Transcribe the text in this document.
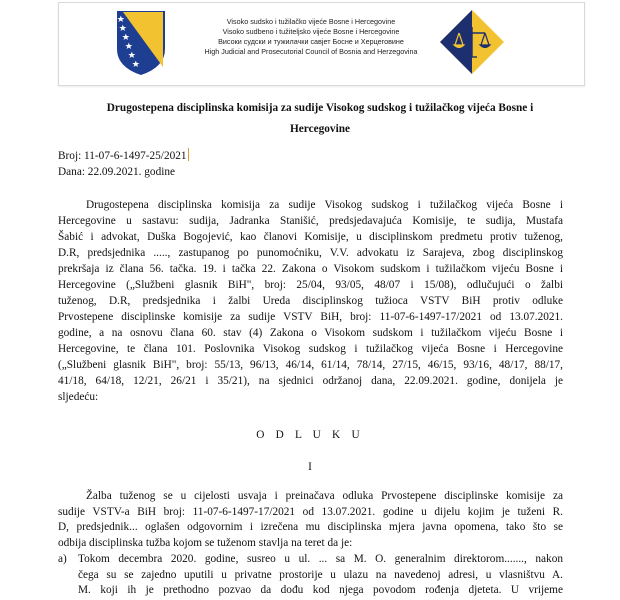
Visoko sudsko i tužilačko vijeće Bosne i Hercegovine
Visoko sudbeno i tužiteljsko vijeće Bosne i Hercegovine
Високи судски и тужилачки савјет Босне и Херцеговине
High Judicial and Prosecutorial Council of Bosnia and Herzegovina
Drugostepena disciplinska komisija za sudije Visokog sudskog i tužilačkog vijeća Bosne i
Hercegovine
Broj: 11-07-6-1497-25/2021
Dana: 22.09.2021. godine
Drugostepena disciplinska komisija za sudije Visokog sudskog i tužilačkog vijeća Bosne i
Hercegovine u sastavu: sudija, Jadranka Stanišić, predsjedavajuća Komisije, te sudija, Mustafa
Šabić i advokat, Duška Bogojević, kao članovi Komisije, u disciplinskom predmetu protiv tuženog,
D.R, predsjednika ....., zastupanog po punomoćniku, V.V. advokatu iz Sarajeva, zbog disciplinskog
prekršaja iz člana 56. tačka. 19. i tačka 22. Zakona o Visokom sudskom i tužilačkom vijeću Bosne i
Hercegovine („Službeni glasnik BiH", broj: 25/04, 93/05, 48/07 i 15/08), odlučujući o žalbi
tuženog, D.R, predsjednika i žalbi Ureda disciplinskog tužioca VSTV BiH protiv odluke
Prvostepene disciplinske komisije za sudije VSTV BiH, broj: 11-07-6-1497-17/2021 od 13.07.2021.
godine, a na osnovu člana 60. stav (4) Zakona o Visokom sudskom i tužilačkom vijeću Bosne i
Hercegovine, te člana 101. Poslovnika Visokog sudskog i tužilačkog vijeća Bosne i Hercegovine
(„Službeni glasnik BiH", broj: 55/13, 96/13, 46/14, 61/14, 78/14, 27/15, 46/15, 93/16, 48/17, 88/17,
41/18, 64/18, 12/21, 26/21 i 35/21), na sjednici održanoj dana, 22.09.2021. godine, donijela je
sljedeću:
O D L U K U
I
Žalba tuženog se u cijelosti usvaja i preinačava odluka Prvostepene disciplinske komisije za
sudije VSTV-a BiH broj: 11-07-6-1497-17/2021 od 13.07.2021. godine u dijelu kojim je tuženi R.
D, predsjednik... oglašen odgovornim i izrečena mu disciplinska mjera javna opomena, tako što se
odbija disciplinska tužba kojom se tuženom stavlja na teret da je:
a) Tokom decembra 2020. godine, susreo u ul. ... sa M. O. generalnim direktorom......., nakon
čega su se zajedno uputili u privatne prostorije u ulazu na navedenoj adresi, u vlasništvu A.
M. koji ih je prethodno pozvao da dođu kod njega povodom rođenja djeteta. U vrijeme
